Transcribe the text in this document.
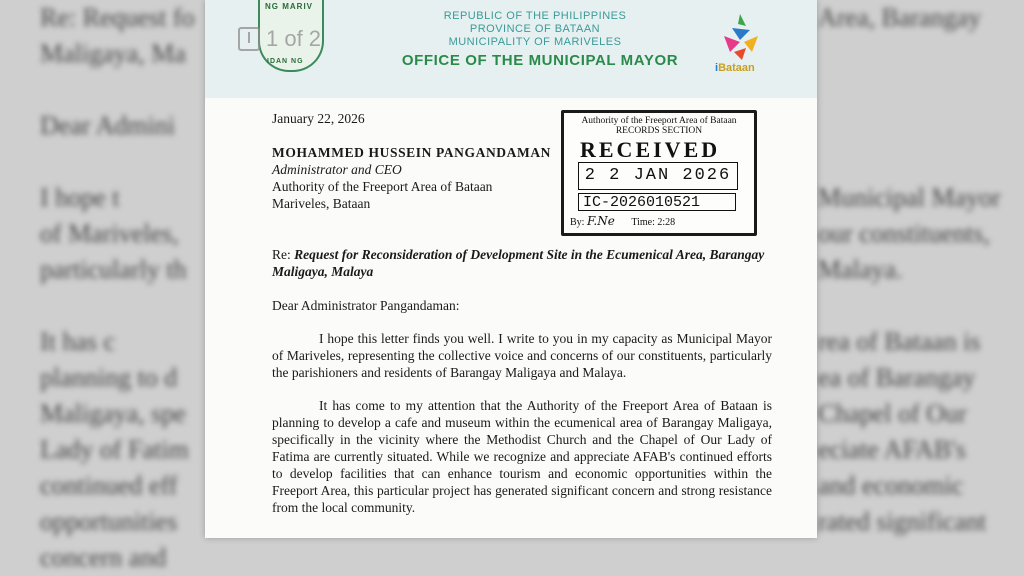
Re: Request fo

Maligaya, Ma

Dear Admini

I hope t

of Mariveles,

particularly th

It has c

planning to d

Maligaya, spe

Lady of Fatim

continued eff

opportunities

concern and

Area, Barangay

Municipal Mayor

our constituents,

Malaya.

rea of Bataan is

ea of Barangay

Chapel of Our

eciate AFAB's

and economic

rated significant

NG MARIV
IDAN NG
1 of 2
REPUBLIC OF THE PHILIPPINES
PROVINCE OF BATAAN
MUNICIPALITY OF MARIVELES
OFFICE OF THE MUNICIPAL MAYOR	iBataan
January 22, 2026
MOHAMMED HUSSEIN PANGANDAMAN
Administrator and CEO
Authority of the Freeport Area of Bataan
Mariveles, Bataan
Re: Request for Reconsideration of Development Site in the Ecumenical Area, Barangay Maligaya, Malaya
Dear Administrator Pangandaman:
I hope this letter finds you well. I write to you in my capacity as Municipal Mayor of Mariveles, representing the collective voice and concerns of our constituents, particularly the parishioners and residents of Barangay Maligaya and Malaya.
It has come to my attention that the Authority of the Freeport Area of Bataan is planning to develop a cafe and museum within the ecumenical area of Barangay Maligaya, specifically in the vicinity where the Methodist Church and the Chapel of Our Lady of Fatima are currently situated. While we recognize and appreciate AFAB's continued efforts to develop facilities that can enhance tourism and economic opportunities within the Freeport Area, this particular project has generated significant concern and strong resistance from the local community.
Authority of the Freeport Area of Bataan
RECORDS SECTION
RECEIVED
2 2 JAN 2026
IC-2026010521
By: F.Ne Time: 2:28
